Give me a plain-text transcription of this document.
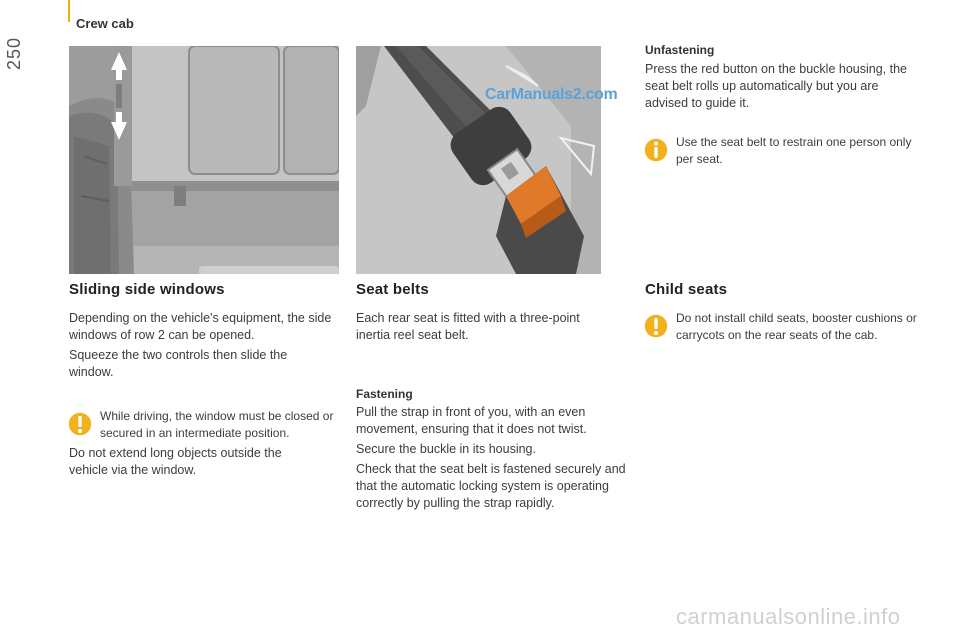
250
Crew cab
CarManuals2.com
Sliding side windows

Depending on the vehicle's equipment, the side windows of row 2 can be opened.

Squeeze the two controls then slide the window.

While driving, the window must be closed or secured in an intermediate position.

Do not extend long objects outside the vehicle via the window.

Seat belts

Each rear seat is fitted with a three-point inertia reel seat belt.

Fastening

Pull the strap in front of you, with an even movement, ensuring that it does not twist.

Secure the buckle in its housing.

Check that the seat belt is fastened securely and that the automatic locking system is operating correctly by pulling the strap rapidly.

Unfastening

Press the red button on the buckle housing, the seat belt rolls up automatically but you are advised to guide it.

Use the seat belt to restrain one person only per seat.

Child seats

Do not install child seats, booster cushions or carrycots on the rear seats of the cab.

carmanualsonline.info
